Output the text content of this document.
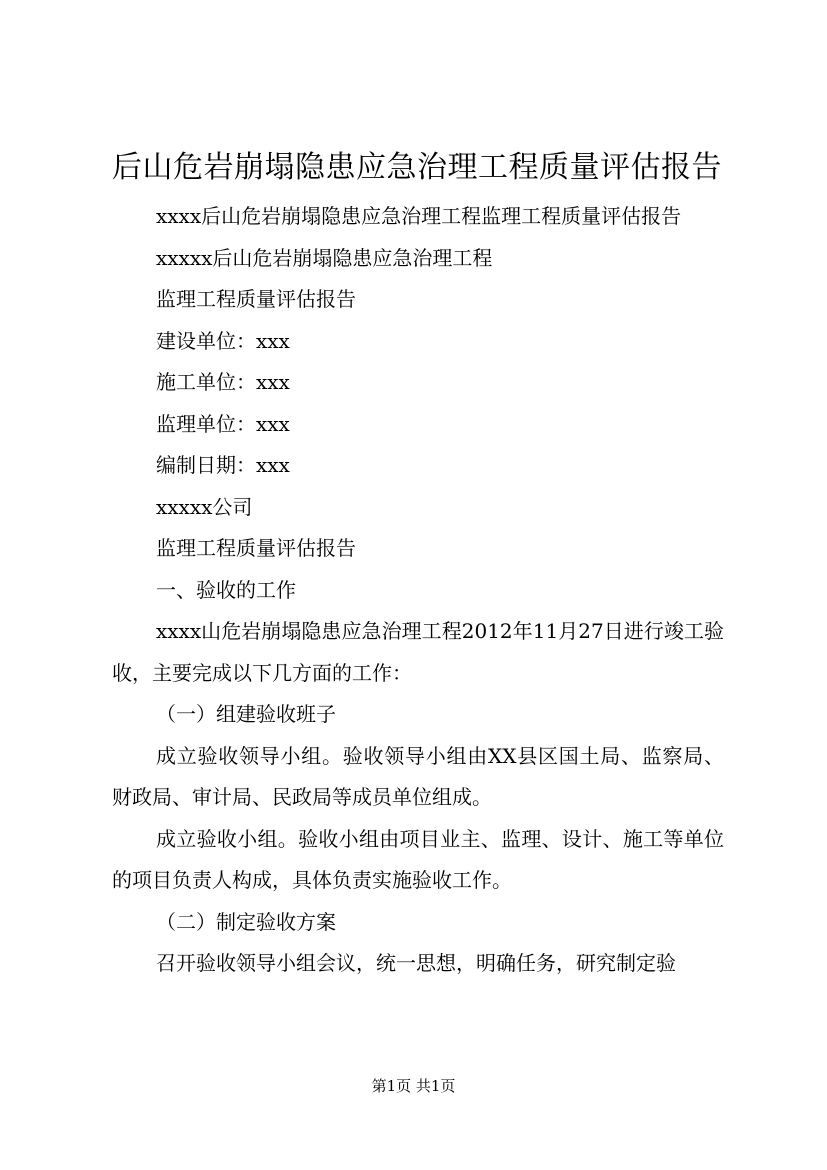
后山危岩崩塌隐患应急治理工程质量评估报告

xxxx后山危岩崩塌隐患应急治理工程监理工程质量评估报告

xxxxx后山危岩崩塌隐患应急治理工程

监理工程质量评估报告

建设单位：xxx

施工单位：xxx

监理单位：xxx

编制日期：xxx

xxxxx公司

监理工程质量评估报告

一、验收的工作

xxxx山危岩崩塌隐患应急治理工程2012年11月27日进行竣工验收，主要完成以下几方面的工作：

（一）组建验收班子

成立验收领导小组。验收领导小组由XX县区国土局、监察局、财政局、审计局、民政局等成员单位组成。

成立验收小组。验收小组由项目业主、监理、设计、施工等单位的项目负责人构成，具体负责实施验收工作。

（二）制定验收方案

召开验收领导小组会议，统一思想，明确任务，研究制定验

第1页 共1页
